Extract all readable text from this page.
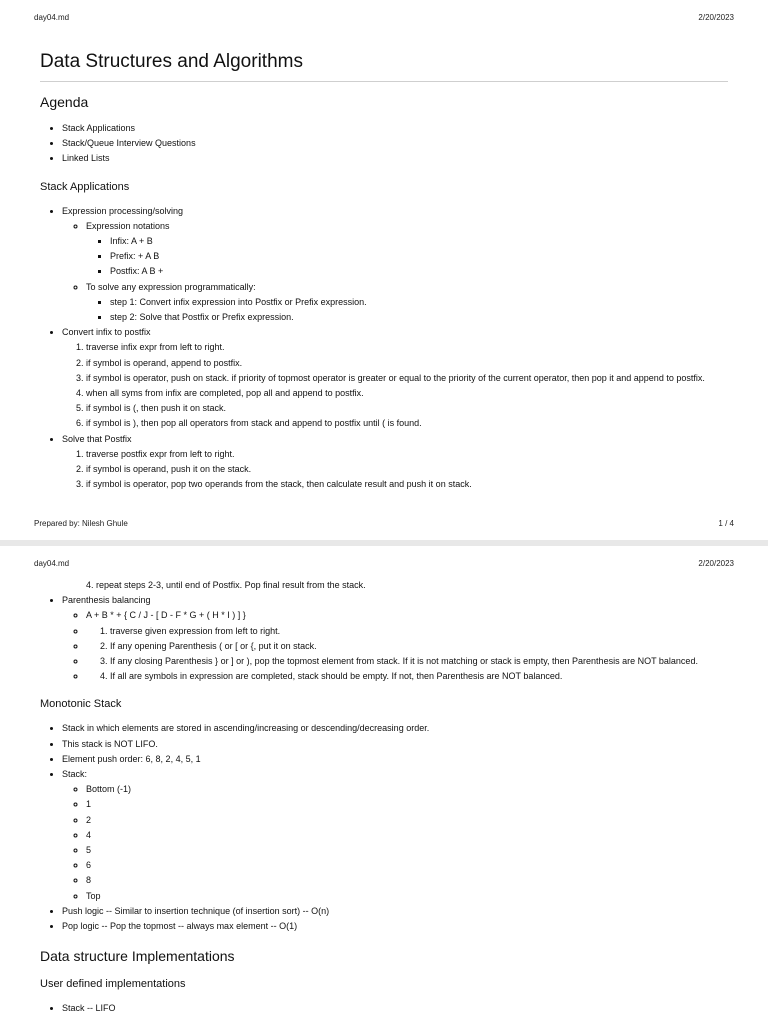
day04.md	2/20/2023
Data Structures and Algorithms
Agenda
• Stack Applications
• Stack/Queue Interview Questions
• Linked Lists
Stack Applications
• Expression processing/solving
◦ Expression notations
▪ Infix: A + B
▪ Prefix: + A B
▪ Postfix: A B +
◦ To solve any expression programmatically:
▪ step 1: Convert infix expression into Postfix or Prefix expression.
▪ step 2: Solve that Postfix or Prefix expression.
• Convert infix to postfix
1. traverse infix expr from left to right.
2. if symbol is operand, append to postfix.
3. if symbol is operator, push on stack. if priority of topmost operator is greater or equal to the priority of the current operator, then pop it and append to postfix.
4. when all syms from infix are completed, pop all and append to postfix.
5. if symbol is (, then push it on stack.
6. if symbol is ), then pop all operators from stack and append to postfix until ( is found.
• Solve that Postfix
1. traverse postfix expr from left to right.
2. if symbol is operand, push it on the stack.
3. if symbol is operator, pop two operands from the stack, then calculate result and push it on stack.
Prepared by: Nilesh Ghule	1 / 4
day04.md	2/20/2023
4. repeat steps 2-3, until end of Postfix. Pop final result from the stack.
• Parenthesis balancing
◦ A + B * + { C / J - [ D - F * G + ( H * I ) ] }
◦ 1. traverse given expression from left to right.
◦ 2. If any opening Parenthesis ( or [ or {, put it on stack.
◦ 3. If any closing Parenthesis } or ] or ), pop the topmost element from stack. If it is not matching or stack is empty, then Parenthesis are NOT balanced.
◦ 4. If all are symbols in expression are completed, stack should be empty. If not, then Parenthesis are NOT balanced.
Monotonic Stack
• Stack in which elements are stored in ascending/increasing or descending/decreasing order.
• This stack is NOT LIFO.
• Element push order: 6, 8, 2, 4, 5, 1
• Stack:
◦ Bottom (-1)
◦ 1
◦ 2
◦ 4
◦ 5
◦ 6
◦ 8
◦ Top
• Push logic -- Similar to insertion technique (of insertion sort) -- O(n)
• Pop logic -- Pop the topmost -- always max element -- O(1)
Data structure Implementations
User defined implementations
• Stack -- LIFO
